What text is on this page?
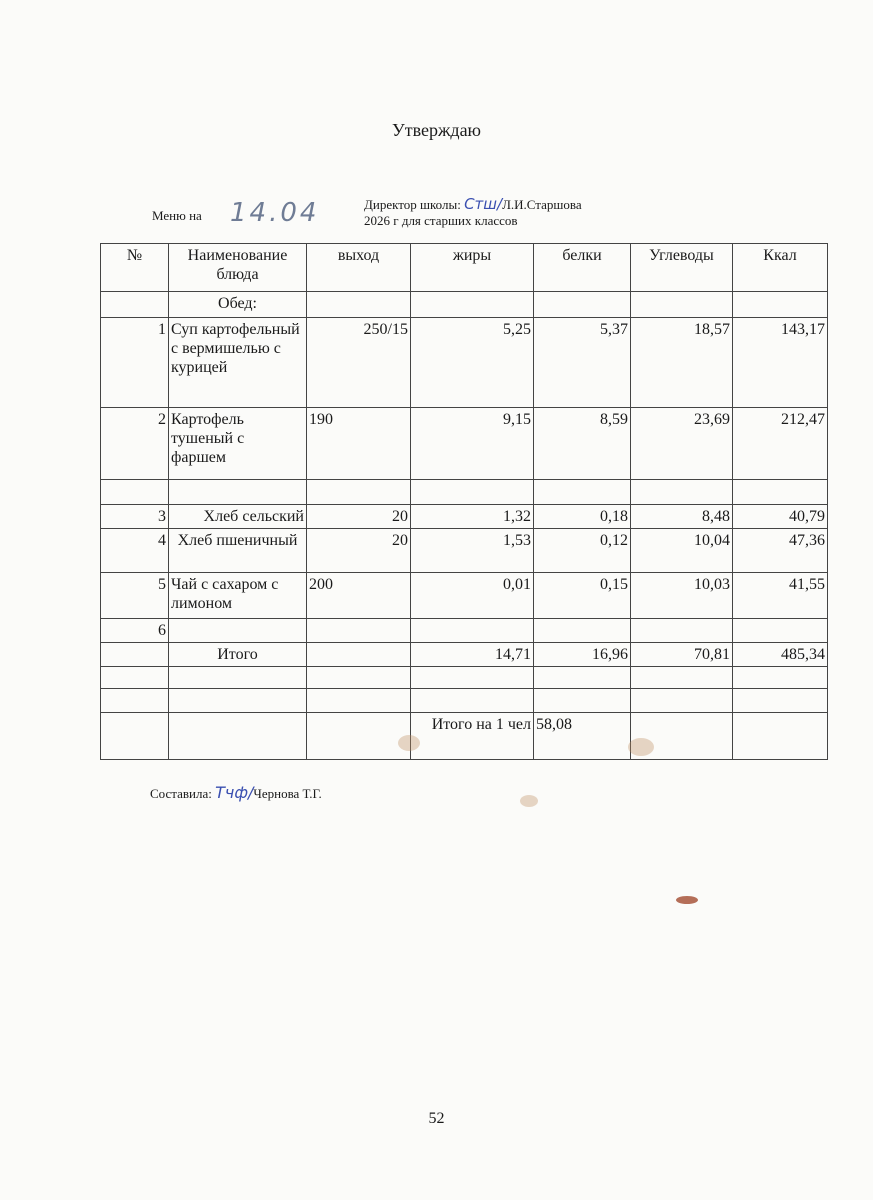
Утверждаю
Меню на 14.04	Директор школы: Стш/Л.И.Старшова
2026 г для старших классов
№	Наименование блюда	выход	жиры	белки	Углеводы	Ккал
	Обед:					
1	Суп картофельный с вермишелью с курицей	250/15	5,25	5,37	18,57	143,17
2	Картофель тушеный с фаршем	190	9,15	8,59	23,69	212,47

3	Хлеб сельский	20	1,32	0,18	8,48	40,79
4	Хлеб пшеничный	20	1,53	0,12	10,04	47,36
5	Чай с сахаром с лимоном	200	0,01	0,15	10,03	41,55
6						
	Итого		14,71	16,96	70,81	485,34

			Итого на 1 чел	58,08		
Составила: Тчф/Чернова Т.Г.
52
